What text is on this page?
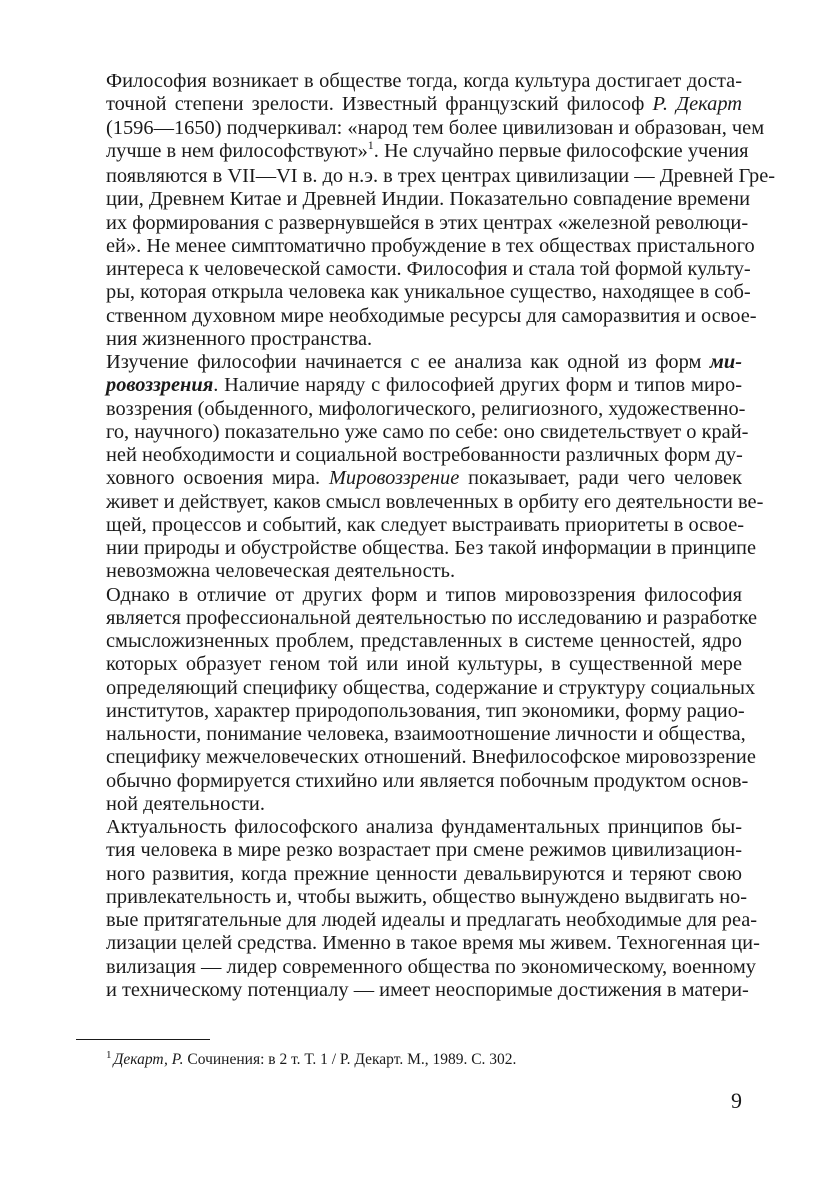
Философия возникает в обществе тогда, когда культура достигает доста-
точной степени зрелости. Известный французский философ Р. Декарт
(1596—1650) подчеркивал: «народ тем более цивилизован и образован, чем
лучше в нем философствуют»$^1$. Не случайно первые философские учения
появляются в VII—VI в. до н.э. в трех центрах цивилизации — Древней Гре-
ции, Древнем Китае и Древней Индии. Показательно совпадение времени
их формирования с развернувшейся в этих центрах «железной революци-
ей». Не менее симптоматично пробуждение в тех обществах пристального
интереса к человеческой самости. Философия и стала той формой культу-
ры, которая открыла человека как уникальное существо, находящее в соб-
ственном духовном мире необходимые ресурсы для саморазвития и освое-
ния жизненного пространства.

Изучение философии начинается с ее анализа как одной из форм ми-
ровоззрения. Наличие наряду с философией других форм и типов миро-
воззрения (обыденного, мифологического, религиозного, художественно-
го, научного) показательно уже само по себе: оно свидетельствует о край-
ней необходимости и социальной востребованности различных форм ду-
ховного освоения мира. Мировоззрение показывает, ради чего человек
живет и действует, каков смысл вовлеченных в орбиту его деятельности ве-
щей, процессов и событий, как следует выстраивать приоритеты в освое-
нии природы и обустройстве общества. Без такой информации в принципе
невозможна человеческая деятельность.

Однако в отличие от других форм и типов мировоззрения философия
является профессиональной деятельностью по исследованию и разработке
смысложизненных проблем, представленных в системе ценностей, ядро
которых образует геном той или иной культуры, в существенной мере
определяющий специфику общества, содержание и структуру социальных
институтов, характер природопользования, тип экономики, форму рацио-
нальности, понимание человека, взаимоотношение личности и общества,
специфику межчеловеческих отношений. Внефилософское мировоззрение
обычно формируется стихийно или является побочным продуктом основ-
ной деятельности.

Актуальность философского анализа фундаментальных принципов бы-
тия человека в мире резко возрастает при смене режимов цивилизацион-
ного развития, когда прежние ценности девальвируются и теряют свою
привлекательность и, чтобы выжить, общество вынуждено выдвигать но-
вые притягательные для людей идеалы и предлагать необходимые для реа-
лизации целей средства. Именно в такое время мы живем. Техногенная ци-
вилизация — лидер современного общества по экономическому, военному
и техническому потенциалу — имеет неоспоримые достижения в матери-

$^1$ Декарт, Р. Сочинения: в 2 т. Т. 1 / Р. Декарт. М., 1989. С. 302.
9
